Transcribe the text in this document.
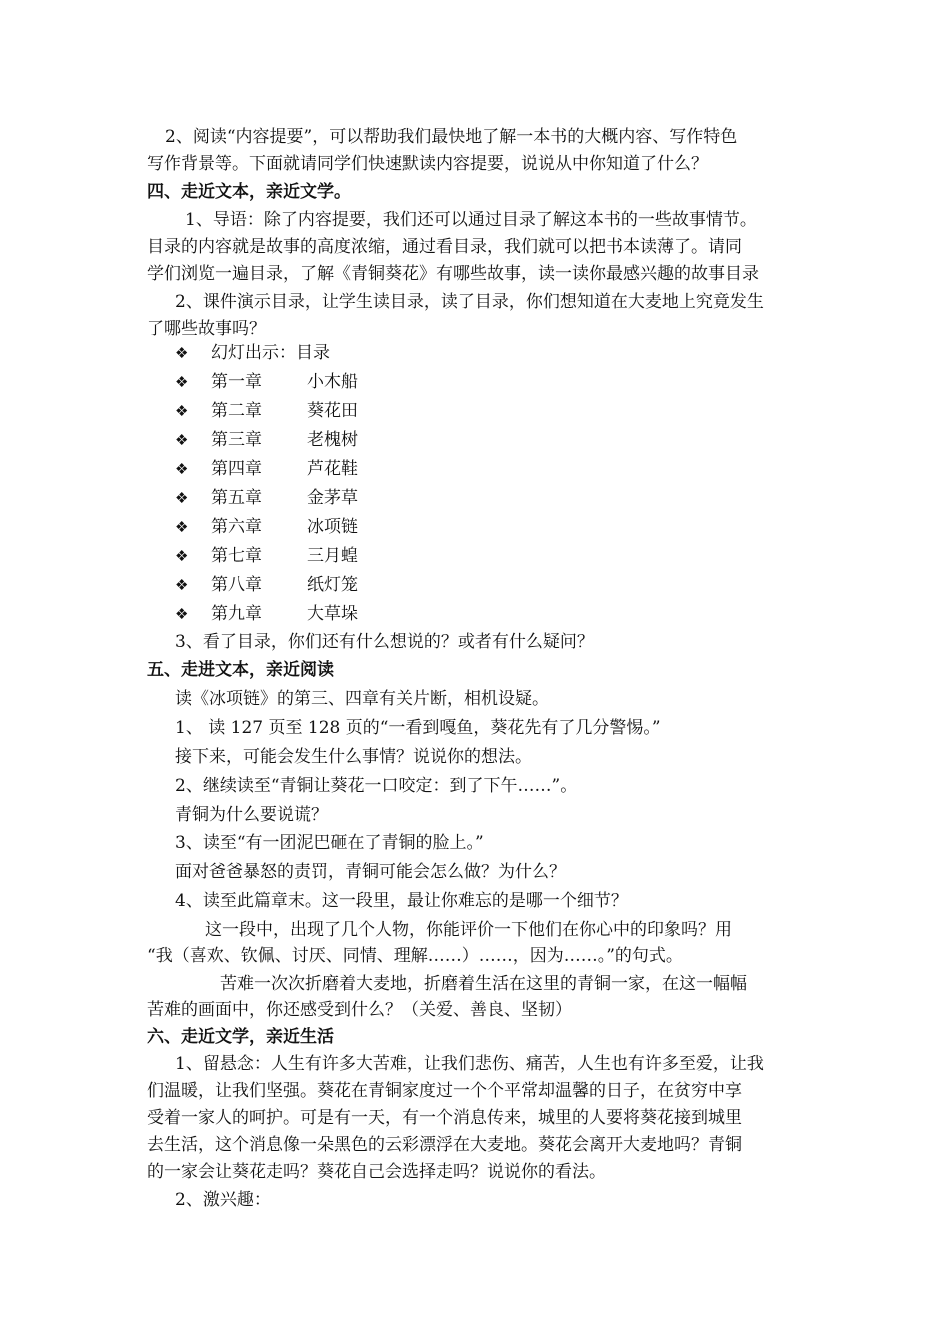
2、阅读“内容提要”，可以帮助我们最快地了解一本书的大概内容、写作特色
写作背景等。下面就请同学们快速默读内容提要，说说从中你知道了什么？
四、走近文本，亲近文学。
1、导语：除了内容提要，我们还可以通过目录了解这本书的一些故事情节。
目录的内容就是故事的高度浓缩，通过看目录，我们就可以把书本读薄了。请同
学们浏览一遍目录，了解《青铜葵花》有哪些故事，读一读你最感兴趣的故事目录
2、课件演示目录，让学生读目录，读了目录，你们想知道在大麦地上究竟发生
了哪些故事吗？
❖ 幻灯出示：目录
❖ 第一章	小木船
❖ 第二章	葵花田
❖ 第三章	老槐树
❖ 第四章	芦花鞋
❖ 第五章	金茅草
❖ 第六章	冰项链
❖ 第七章	三月蝗
❖ 第八章	纸灯笼
❖ 第九章	大草垛
3、看了目录，你们还有什么想说的？或者有什么疑问？
五、走进文本，亲近阅读
读《冰项链》的第三、四章有关片断，相机设疑。
1、 读 127 页至 128 页的“一看到嘎鱼，葵花先有了几分警惕。”
接下来，可能会发生什么事情？说说你的想法。
2、继续读至“青铜让葵花一口咬定：到了下午……”。
青铜为什么要说谎？
3、读至“有一团泥巴砸在了青铜的脸上。”
面对爸爸暴怒的责罚，青铜可能会怎么做？为什么？
4、读至此篇章末。这一段里，最让你难忘的是哪一个细节？
这一段中，出现了几个人物，你能评价一下他们在你心中的印象吗？用
“我（喜欢、钦佩、讨厌、同情、理解……）……，因为……。”的句式。
苦难一次次折磨着大麦地，折磨着生活在这里的青铜一家，在这一幅幅
苦难的画面中，你还感受到什么？（关爱、善良、坚韧）
六、走近文学，亲近生活
1、留悬念：人生有许多大苦难，让我们悲伤、痛苦，人生也有许多至爱，让我
们温暖，让我们坚强。葵花在青铜家度过一个个平常却温馨的日子，在贫穷中享
受着一家人的呵护。可是有一天，有一个消息传来，城里的人要将葵花接到城里
去生活，这个消息像一朵黑色的云彩漂浮在大麦地。葵花会离开大麦地吗？青铜
的一家会让葵花走吗？葵花自己会选择走吗？说说你的看法。
2、激兴趣：
